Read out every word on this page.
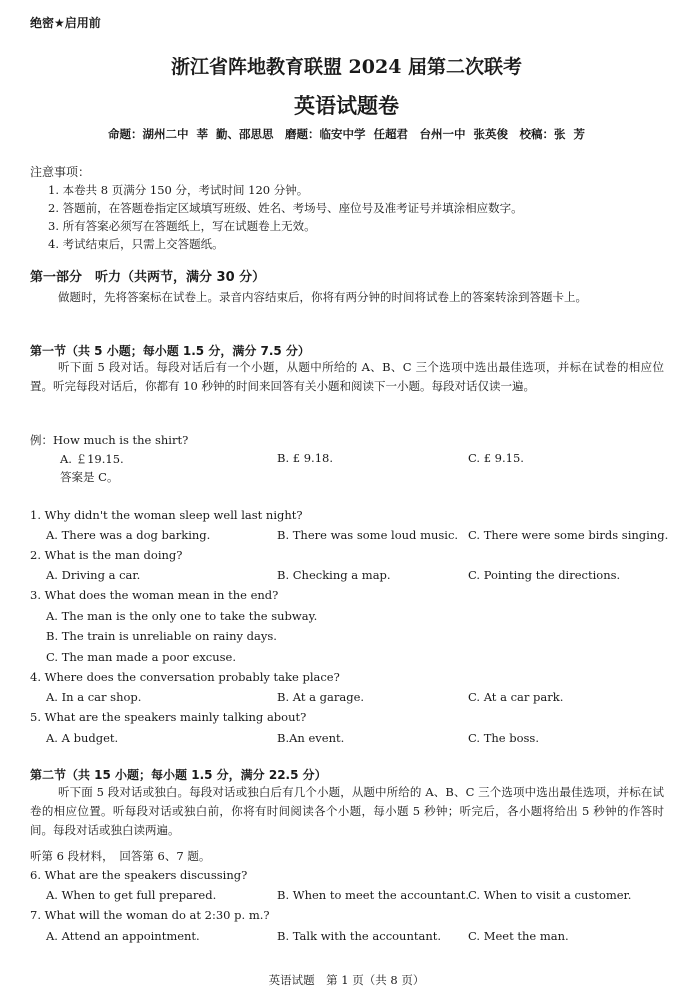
绝密★启用前
浙江省阵地教育联盟 2024 届第二次联考
英语试题卷
命题：湖州二中 莘 勤、邵思思　磨题：临安中学 任超君　台州一中 张英俊　校稿：张 芳
注意事项：
1. 本卷共 8 页满分 150 分，考试时间 120 分钟。
2. 答题前，在答题卷指定区域填写班级、姓名、考场号、座位号及准考证号并填涂相应数字。
3. 所有答案必须写在答题纸上，写在试题卷上无效。
4. 考试结束后，只需上交答题纸。
第一部分　听力（共两节，满分 30 分）
做题时，先将答案标在试卷上。录音内容结束后，你将有两分钟的时间将试卷上的答案转涂到答题卡上。
第一节（共 5 小题；每小题 1.5 分，满分 7.5 分）
听下面 5 段对话。每段对话后有一个小题，从题中所给的 A、B、C 三个选项中选出最佳选项，并标在试卷的相应位置。听完每段对话后，你都有 10 秒钟的时间来回答有关小题和阅读下一小题。每段对话仅读一遍。
例：How much is the shirt?
A. ￡19.15.	B. £ 9.18.	C. £ 9.15.
答案是 C。
1. Why didn't the woman sleep well last night?
A. There was a dog barking.	B. There was some loud music. C. There were some birds singing.
2. What is the man doing?
A. Driving a car.	B. Checking a map.	C. Pointing the directions.
3. What does the woman mean in the end?
A. The man is the only one to take the subway.
B. The train is unreliable on rainy days.
C. The man made a poor excuse.
4. Where does the conversation probably take place?
A. In a car shop.	B. At a garage.	C. At a car park.
5. What are the speakers mainly talking about?
A. A budget.	B.An event.	C. The boss.
第二节（共 15 小题；每小题 1.5 分，满分 22.5 分）
听下面 5 段对话或独白。每段对话或独白后有几个小题，从题中所给的 A、B、C 三个选项中选出最佳选项，并标在试卷的相应位置。听每段对话或独白前，你将有时间阅读各个小题，每小题 5 秒钟；听完后，各小题将给出 5 秒钟的作答时间。每段对话或独白读两遍。
听第 6 段材料，　回答第 6、7 题。
6. What are the speakers discussing?
A. When to get full prepared.	B. When to meet the accountant. C. When to visit a customer.
7. What will the woman do at 2:30 p. m.?
A. Attend an appointment.	B. Talk with the accountant. C. Meet the man.
英语试题　第 1 页（共 8 页）
